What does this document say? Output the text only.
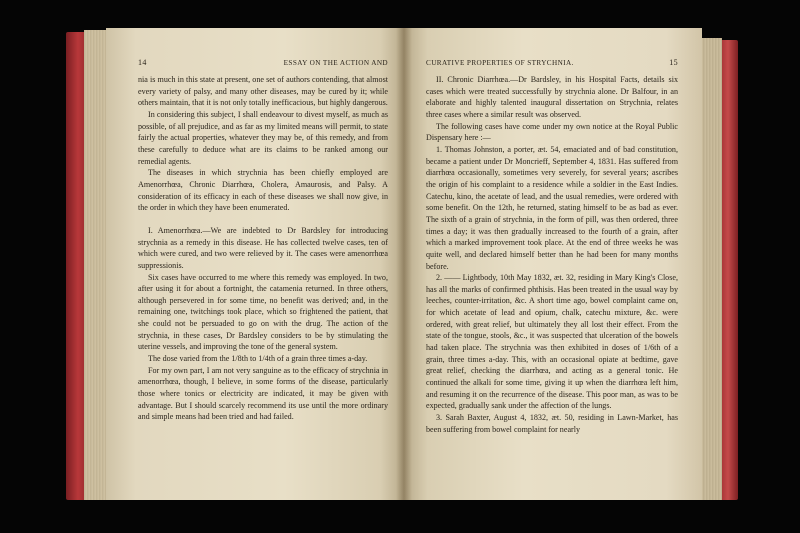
14	ESSAY ON THE ACTION AND

nia is much in this state at present, one set of authors contending, that almost every variety of palsy, and many other diseases, may be cured by it; while others maintain, that it is not only totally inefficacious, but highly dangerous.

In considering this subject, I shall endeavour to divest myself, as much as possible, of all prejudice, and as far as my limited means will permit, to state fairly the actual properties, whatever they may be, of this remedy, and from these carefully to deduce what are its claims to be ranked among our remedial agents.

The diseases in which strychnia has been chiefly employed are Amenorrhœa, Chronic Diarrhœa, Cholera, Amaurosis, and Palsy. A consideration of its efficacy in each of these diseases we shall now give, in the order in which they have been enumerated.

I. Amenorrhœa.—We are indebted to Dr Bardsley for introducing strychnia as a remedy in this disease. He has collected twelve cases, ten of which were cured, and two were relieved by it. The cases were amenorrhœa suppressionis.

Six cases have occurred to me where this remedy was employed. In two, after using it for about a fortnight, the catamenia returned. In three others, although persevered in for some time, no benefit was derived; and, in the remaining one, twitchings took place, which so frightened the patient, that she could not be persuaded to go on with the drug. The action of the strychnia, in these cases, Dr Bardsley considers to be by stimulating the uterine vessels, and improving the tone of the general system.

The dose varied from the 1/8th to 1/4th of a grain three times a-day.

For my own part, I am not very sanguine as to the efficacy of strychnia in amenorrhœa, though, I believe, in some forms of the disease, particularly those where tonics or electricity are indicated, it may be given with advantage. But I should scarcely recommend its use until the more ordinary and simple means had been tried and had failed.

CURATIVE PROPERTIES OF STRYCHNIA.	15

II. Chronic Diarrhœa.—Dr Bardsley, in his Hospital Facts, details six cases which were treated successfully by strychnia alone. Dr Balfour, in an elaborate and highly talented inaugural dissertation on Strychnia, relates three cases where a similar result was observed.

The following cases have come under my own notice at the Royal Public Dispensary here :—

1. Thomas Johnston, a porter, æt. 54, emaciated and of bad constitution, became a patient under Dr Moncrieff, September 4, 1831. Has suffered from diarrhœa occasionally, sometimes very severely, for several years; ascribes the origin of his complaint to a residence while a soldier in the East Indies. Catechu, kino, the acetate of lead, and the usual remedies, were ordered with some benefit. On the 12th, he returned, stating himself to be as bad as ever. The sixth of a grain of strychnia, in the form of pill, was then ordered, three times a day; it was then gradually increased to the fourth of a grain, after which a marked improvement took place. At the end of three weeks he was quite well, and declared himself better than he had been for many months before.

2. —— Lightbody, 10th May 1832, æt. 32, residing in Mary King's Close, has all the marks of confirmed phthisis. Has been treated in the usual way by leeches, counter-irritation, &c. A short time ago, bowel complaint came on, for which acetate of lead and opium, chalk, catechu mixture, &c. were ordered, with great relief, but ultimately they all lost their effect. From the state of the tongue, stools, &c., it was suspected that ulceration of the bowels had taken place. The strychnia was then exhibited in doses of 1/6th of a grain, three times a-day. This, with an occasional opiate at bedtime, gave great relief, checking the diarrhœa, and acting as a general tonic. He continued the alkali for some time, giving it up when the diarrhœa left him, and resuming it on the recurrence of the disease. This poor man, as was to be expected, gradually sank under the affection of the lungs.

3. Sarah Baxter, August 4, 1832, æt. 50, residing in Lawn-Market, has been suffering from bowel complaint for nearly
